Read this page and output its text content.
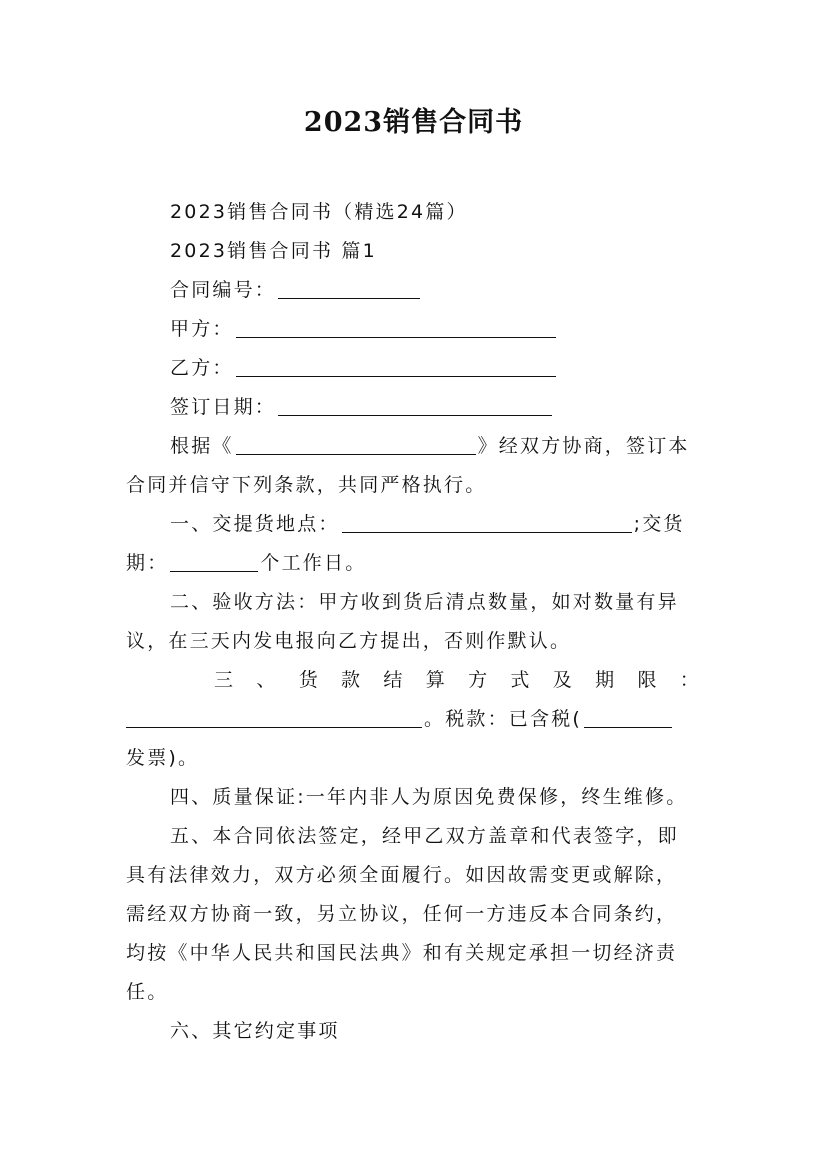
2023销售合同书
2023销售合同书（精选24篇）
2023销售合同书 篇1
合同编号：
甲方：
乙方：
签订日期：
根据《	》经双方协商，签订本
合同并信守下列条款，共同严格执行。
一、交提货地点：	;交货
期：	个工作日。
二、验收方法：甲方收到货后清点数量，如对数量有异
议，在三天内发电报向乙方提出，否则作默认。
三 、 货 款 结 算 方 式 及 期 限 ：
。税款：已含税(
发票)。
四、质量保证:一年内非人为原因免费保修，终生维修。
五、本合同依法签定，经甲乙双方盖章和代表签字，即
具有法律效力，双方必须全面履行。如因故需变更或解除，
需经双方协商一致，另立协议，任何一方违反本合同条约，
均按《中华人民共和国民法典》和有关规定承担一切经济责
任。
六、其它约定事项
